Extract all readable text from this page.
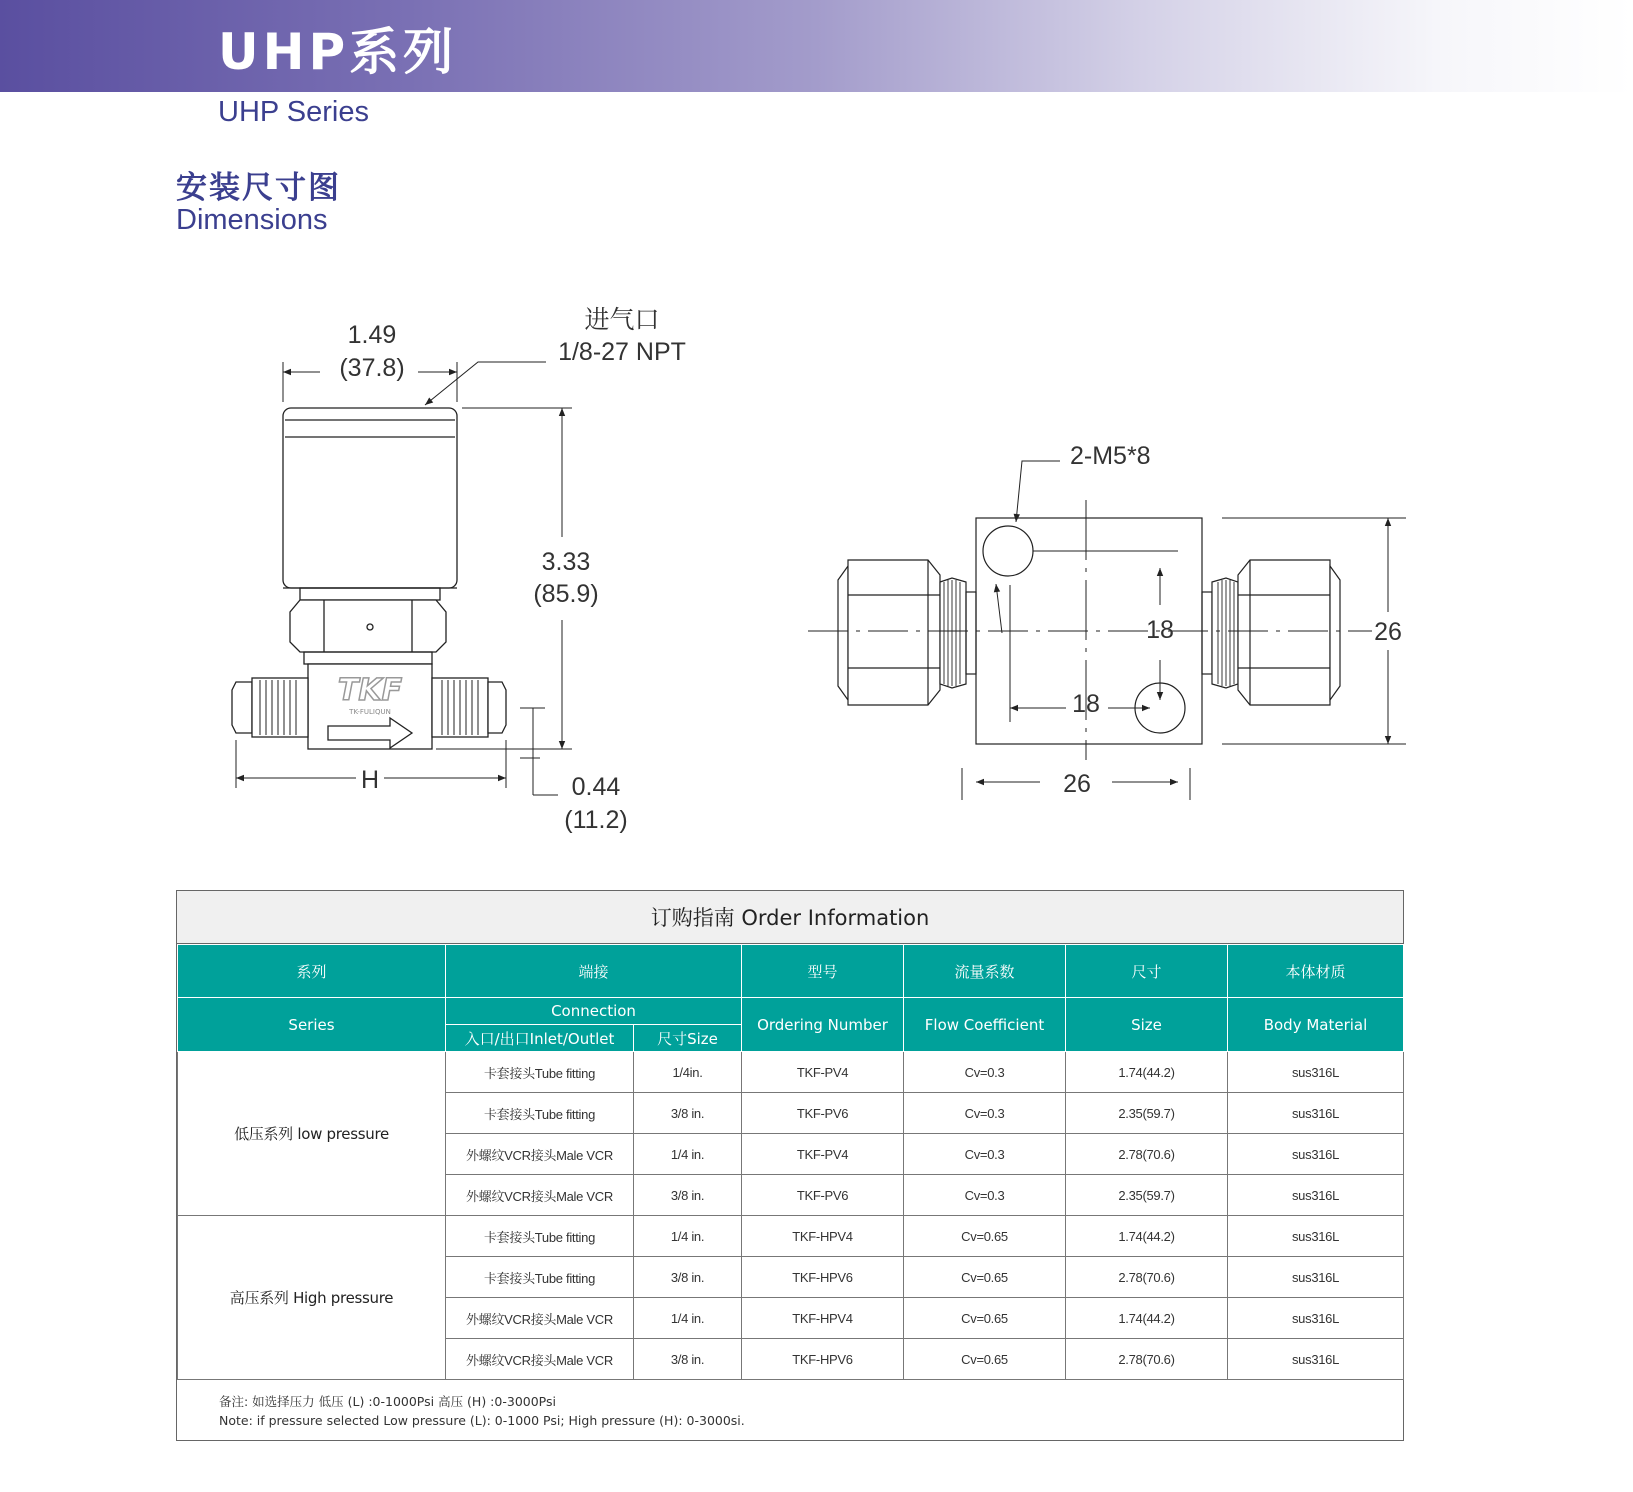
UHP系列
UHP Series
安装尺寸图
Dimensions
TKF
TK-FULIQUN
1.49
(37.8)
进气口
1/8-27 NPT
3.33
(85.9)
0.44
(11.2)
H
2-M5*8
18
18
26
26
订购指南 Order Information
系列	端接		型号	流量系数	尺寸	本体材质
Series	Connection		Ordering Number	Flow Coefficient	Size	Body Material
	入口/出口Inlet/Outlet	尺寸Size				
低压系列 low pressure	卡套接头Tube fitting	1/4in.	TKF-PV4	Cv=0.3	1.74(44.2)	sus316L
	卡套接头Tube fitting	3/8 in.	TKF-PV6	Cv=0.3	2.35(59.7)	sus316L
	外螺纹VCR接头Male VCR	1/4 in.	TKF-PV4	Cv=0.3	2.78(70.6)	sus316L
	外螺纹VCR接头Male VCR	3/8 in.	TKF-PV6	Cv=0.3	2.35(59.7)	sus316L
高压系列 High pressure	卡套接头Tube fitting	1/4 in.	TKF-HPV4	Cv=0.65	1.74(44.2)	sus316L
	卡套接头Tube fitting	3/8 in.	TKF-HPV6	Cv=0.65	2.78(70.6)	sus316L
	外螺纹VCR接头Male VCR	1/4 in.	TKF-HPV4	Cv=0.65	1.74(44.2)	sus316L
	外螺纹VCR接头Male VCR	3/8 in.	TKF-HPV6	Cv=0.65	2.78(70.6)	sus316L
备注: 如选择压力 低压 (L) :0-1000Psi 高压 (H) :0-3000Psi
Note: if pressure selected Low pressure (L): 0-1000 Psi; High pressure (H): 0-3000si.
